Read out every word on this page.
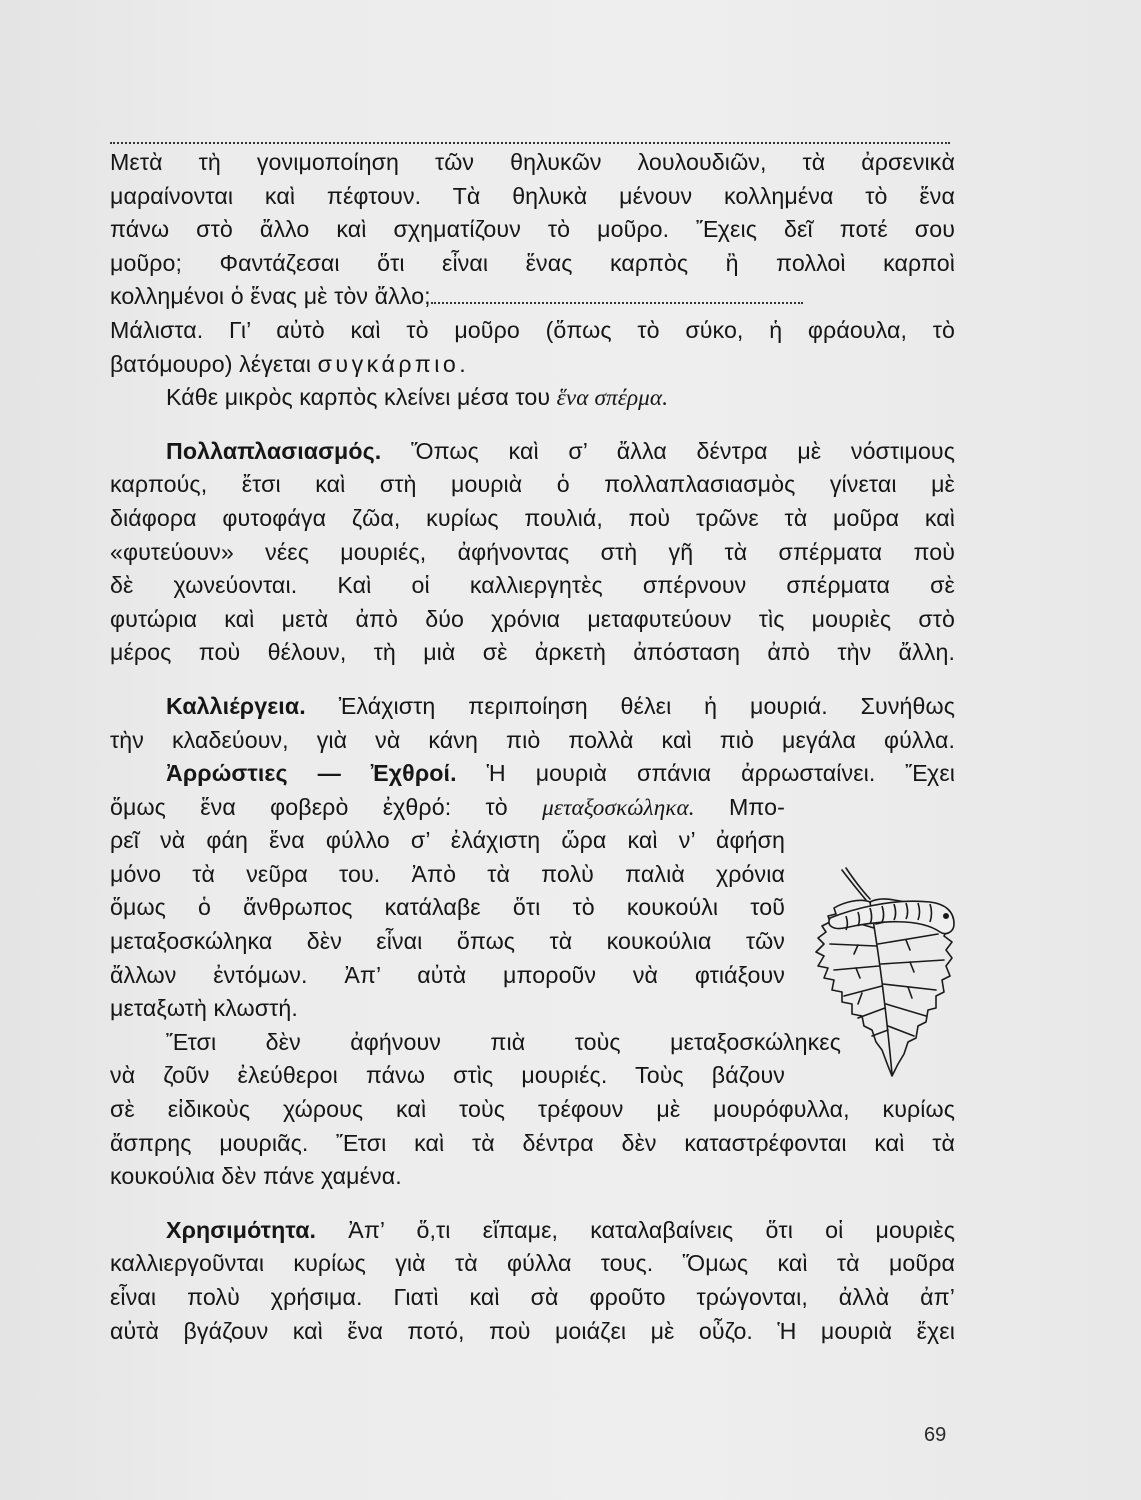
Μετὰ τὴ γονιμοποίηση τῶν θηλυκῶν λουλουδιῶν, τὰ ἀρσενικὰ
μαραίνονται καὶ πέφτουν. Τὰ θηλυκὰ μένουν κολλημένα τὸ ἕνα
πάνω στὸ ἄλλο καὶ σχηματίζουν τὸ μοῦρο. Ἔχεις δεῖ ποτέ σου
μοῦρο; Φαντάζεσαι ὅτι εἶναι ἕνας καρπὸς ἢ πολλοὶ καρποὶ
κολλημένοι ὁ ἕνας μὲ τὸν ἄλλο;
Μάλιστα. Γι’ αὐτὸ καὶ τὸ μοῦρο (ὅπως τὸ σύκο, ἡ φράουλα, τὸ
βατόμουρο) λέγεται συγκάρπιο.
Κάθε μικρὸς καρπὸς κλείνει μέσα του ἕνα σπέρμα.
Πολλαπλασιασμός. Ὅπως καὶ σ’ ἄλλα δέντρα μὲ νόστιμους
καρπούς, ἔτσι καὶ στὴ μουριὰ ὁ πολλαπλασιασμὸς γίνεται μὲ
διάφορα φυτοφάγα ζῶα, κυρίως πουλιά, ποὺ τρῶνε τὰ μοῦρα καὶ
«φυτεύουν» νέες μουριές, ἀφήνοντας στὴ γῆ τὰ σπέρματα ποὺ
δὲ χωνεύονται. Καὶ οἱ καλλιεργητὲς σπέρνουν σπέρματα σὲ
φυτώρια καὶ μετὰ ἀπὸ δύο χρόνια μεταφυτεύουν τὶς μουριὲς στὸ
μέρος ποὺ θέλουν, τὴ μιὰ σὲ ἀρκετὴ ἀπόσταση ἀπὸ τὴν ἄλλη.
Καλλιέργεια. Ἐλάχιστη περιποίηση θέλει ἡ μουριά. Συνήθως
τὴν κλαδεύουν, γιὰ νὰ κάνη πιὸ πολλὰ καὶ πιὸ μεγάλα φύλλα.
Ἀρρώστιες — Ἐχθροί. Ἡ μουριὰ σπάνια ἀρρωσταίνει. Ἔχει
ὅμως ἕνα φοβερὸ ἐχθρό: τὸ μεταξοσκώληκα. Μπο-
ρεῖ νὰ φάη ἕνα φύλλο σ’ ἐλάχιστη ὥρα καὶ ν’ ἀφήση
μόνο τὰ νεῦρα του. Ἀπὸ τὰ πολὺ παλιὰ χρόνια
ὅμως ὁ ἄνθρωπος κατάλαβε ὅτι τὸ κουκούλι τοῦ
μεταξοσκώληκα δὲν εἶναι ὅπως τὰ κουκούλια τῶν
ἄλλων ἐντόμων. Ἀπ’ αὐτὰ μποροῦν νὰ φτιάξουν
μεταξωτὴ κλωστή.
Ἔτσι δὲν ἀφήνουν πιὰ τοὺς μεταξοσκώληκες
νὰ ζοῦν ἐλεύθεροι πάνω στὶς μουριές. Τοὺς βάζουν
σὲ εἰδικοὺς χώρους καὶ τοὺς τρέφουν μὲ μουρόφυλλα, κυρίως
ἄσπρης μουριᾶς. Ἔτσι καὶ τὰ δέντρα δὲν καταστρέφονται καὶ τὰ
κουκούλια δὲν πάνε χαμένα.
Χρησιμότητα. Ἀπ’ ὅ,τι εἴπαμε, καταλαβαίνεις ὅτι οἱ μουριὲς
καλλιεργοῦνται κυρίως γιὰ τὰ φύλλα τους. Ὅμως καὶ τὰ μοῦρα
εἶναι πολὺ χρήσιμα. Γιατὶ καὶ σὰ φροῦτο τρώγονται, ἀλλὰ ἀπ’
αὐτὰ βγάζουν καὶ ἕνα ποτό, ποὺ μοιάζει μὲ οὖζο. Ἡ μουριὰ ἔχει
69
